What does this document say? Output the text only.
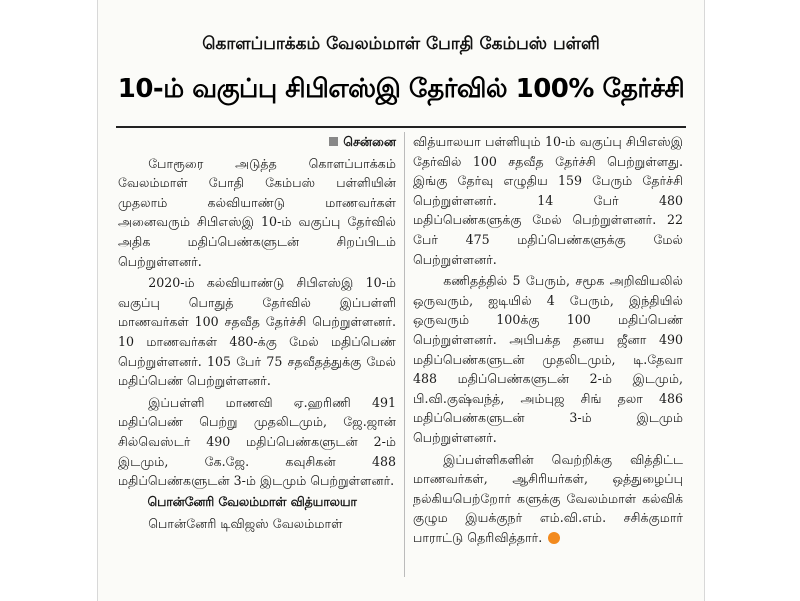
கொளப்பாக்கம் வேலம்மாள் போதி கேம்பஸ் பள்ளி
10-ம் வகுப்பு சிபிஎஸ்இ தேர்வில் 100% தேர்ச்சி
சென்னை

போரூரை அடுத்த கொளப்பாக்கம் வேலம்மாள் போதி கேம்பஸ் பள்ளியின் முதலாம் கல்வியாண்டு மாணவர்கள் அனைவரும் சிபிஎஸ்இ 10-ம் வகுப்பு தேர்வில் அதிக மதிப்பெண்களுடன் சிறப்பிடம் பெற்றுள்ளனர்.

2020-ம் கல்வியாண்டு சிபிஎஸ்இ 10-ம் வகுப்பு பொதுத் தேர்வில் இப்பள்ளி மாணவர்கள் 100 சதவீத தேர்ச்சி பெற்றுள்ளனர். 10 மாணவர்கள் 480-க்கு மேல் மதிப்பெண் பெற்றுள்ளனர். 105 பேர் 75 சதவீதத்துக்கு மேல் மதிப்பெண் பெற்றுள்ளனர்.

இப்பள்ளி மாணவி ஏ.ஹரிணி 491 மதிப்பெண் பெற்று முதலிடமும், ஜே.ஜான் சில்வெஸ்டர் 490 மதிப்பெண்களுடன் 2-ம் இடமும், கே.ஜே. கவுசிகன் 488 மதிப்பெண்களுடன் 3-ம் இடமும் பெற்றுள்ளனர்.

பொன்னேரி வேலம்மாள் வித்யாலயா

பொன்னேரி டிவிஜஸ் வேலம்மாள்

வித்யாலயா பள்ளியும் 10-ம் வகுப்பு சிபிஎஸ்இ தேர்வில் 100 சதவீத தேர்ச்சி பெற்றுள்ளது. இங்கு தேர்வு எழுதிய 159 பேரும் தேர்ச்சி பெற்றுள்ளனர். 14 பேர் 480 மதிப்பெண்களுக்கு மேல் பெற்றுள்ளனர். 22 பேர் 475 மதிப்பெண்களுக்கு மேல் பெற்றுள்ளனர்.

கணிதத்தில் 5 பேரும், சமூக அறிவியலில் ஒருவரும், ஐடியில் 4 பேரும், இந்தியில் ஒருவரும் 100க்கு 100 மதிப்பெண் பெற்றுள்ளனர். அபிபக்த தனய ஜீனா 490 மதிப்பெண்களுடன் முதலிடமும், டி.தேவா 488 மதிப்பெண்களுடன் 2-ம் இடமும், பி.வி.குஷ்வந்த், அம்புஜ சிங் தலா 486 மதிப்பெண்களுடன் 3-ம் இடமும் பெற்றுள்ளனர்.

இப்பள்ளிகளின் வெற்றிக்கு வித்திட்ட மாணவர்கள், ஆசிரியர்கள், ஒத்துழைப்பு நல்கியபெற்றோர் களுக்கு வேலம்மாள் கல்விக் குழும இயக்குநர் எம்.வி.எம். சசிக்குமார் பாராட்டு தெரிவித்தார்.
